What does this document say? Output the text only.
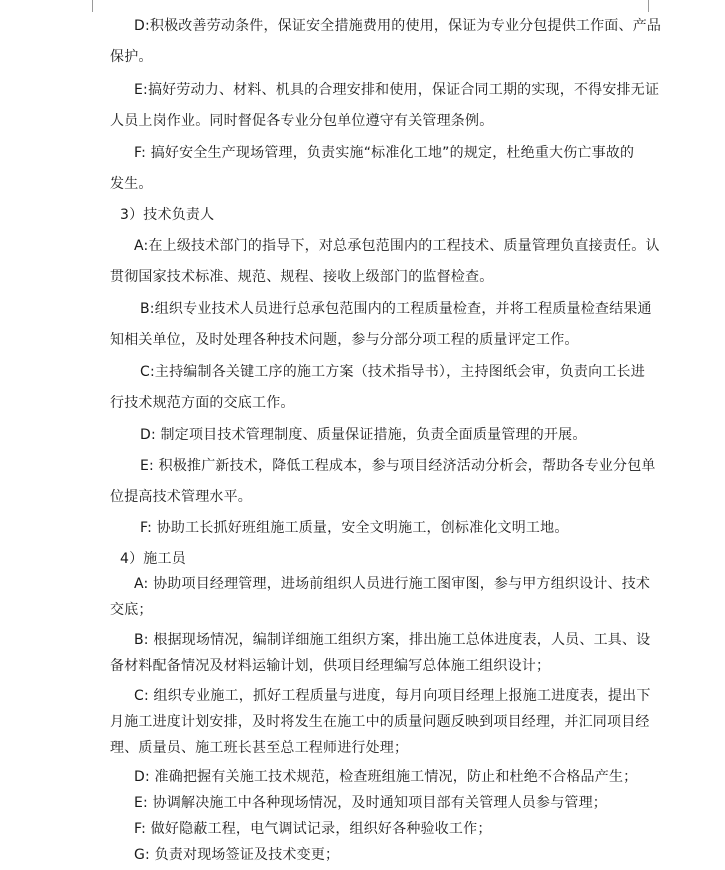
D:积极改善劳动条件，保证安全措施费用的使用，保证为专业分包提供工作面、产品
保护。
E:搞好劳动力、材料、机具的合理安排和使用，保证合同工期的实现，不得安排无证
人员上岗作业。同时督促各专业分包单位遵守有关管理条例。
F: 搞好安全生产现场管理，负责实施“标准化工地”的规定，杜绝重大伤亡事故的
发生。
3）技术负责人
A:在上级技术部门的指导下，对总承包范围内的工程技术、质量管理负直接责任。认
贯彻国家技术标准、规范、规程、接收上级部门的监督检查。
B:组织专业技术人员进行总承包范围内的工程质量检查，并将工程质量检查结果通
知相关单位，及时处理各种技术问题，参与分部分项工程的质量评定工作。
C:主持编制各关键工序的施工方案（技术指导书），主持图纸会审，负责向工长进
行技术规范方面的交底工作。
D: 制定项目技术管理制度、质量保证措施，负责全面质量管理的开展。
E: 积极推广新技术，降低工程成本，参与项目经济活动分析会，帮助各专业分包单
位提高技术管理水平。
F: 协助工长抓好班组施工质量，安全文明施工，创标准化文明工地。
4）施工员
A: 协助项目经理管理，进场前组织人员进行施工图审图，参与甲方组织设计、技术
交底；
B: 根据现场情况，编制详细施工组织方案，排出施工总体进度表，人员、工具、设
备材料配备情况及材料运输计划，供项目经理编写总体施工组织设计；
C: 组织专业施工，抓好工程质量与进度，每月向项目经理上报施工进度表，提出下
月施工进度计划安排，及时将发生在施工中的质量问题反映到项目经理，并汇同项目经
理、质量员、施工班长甚至总工程师进行处理；
D: 准确把握有关施工技术规范，检查班组施工情况，防止和杜绝不合格品产生；
E: 协调解决施工中各种现场情况，及时通知项目部有关管理人员参与管理；
F: 做好隐蔽工程，电气调试记录，组织好各种验收工作；
G: 负责对现场签证及技术变更；
